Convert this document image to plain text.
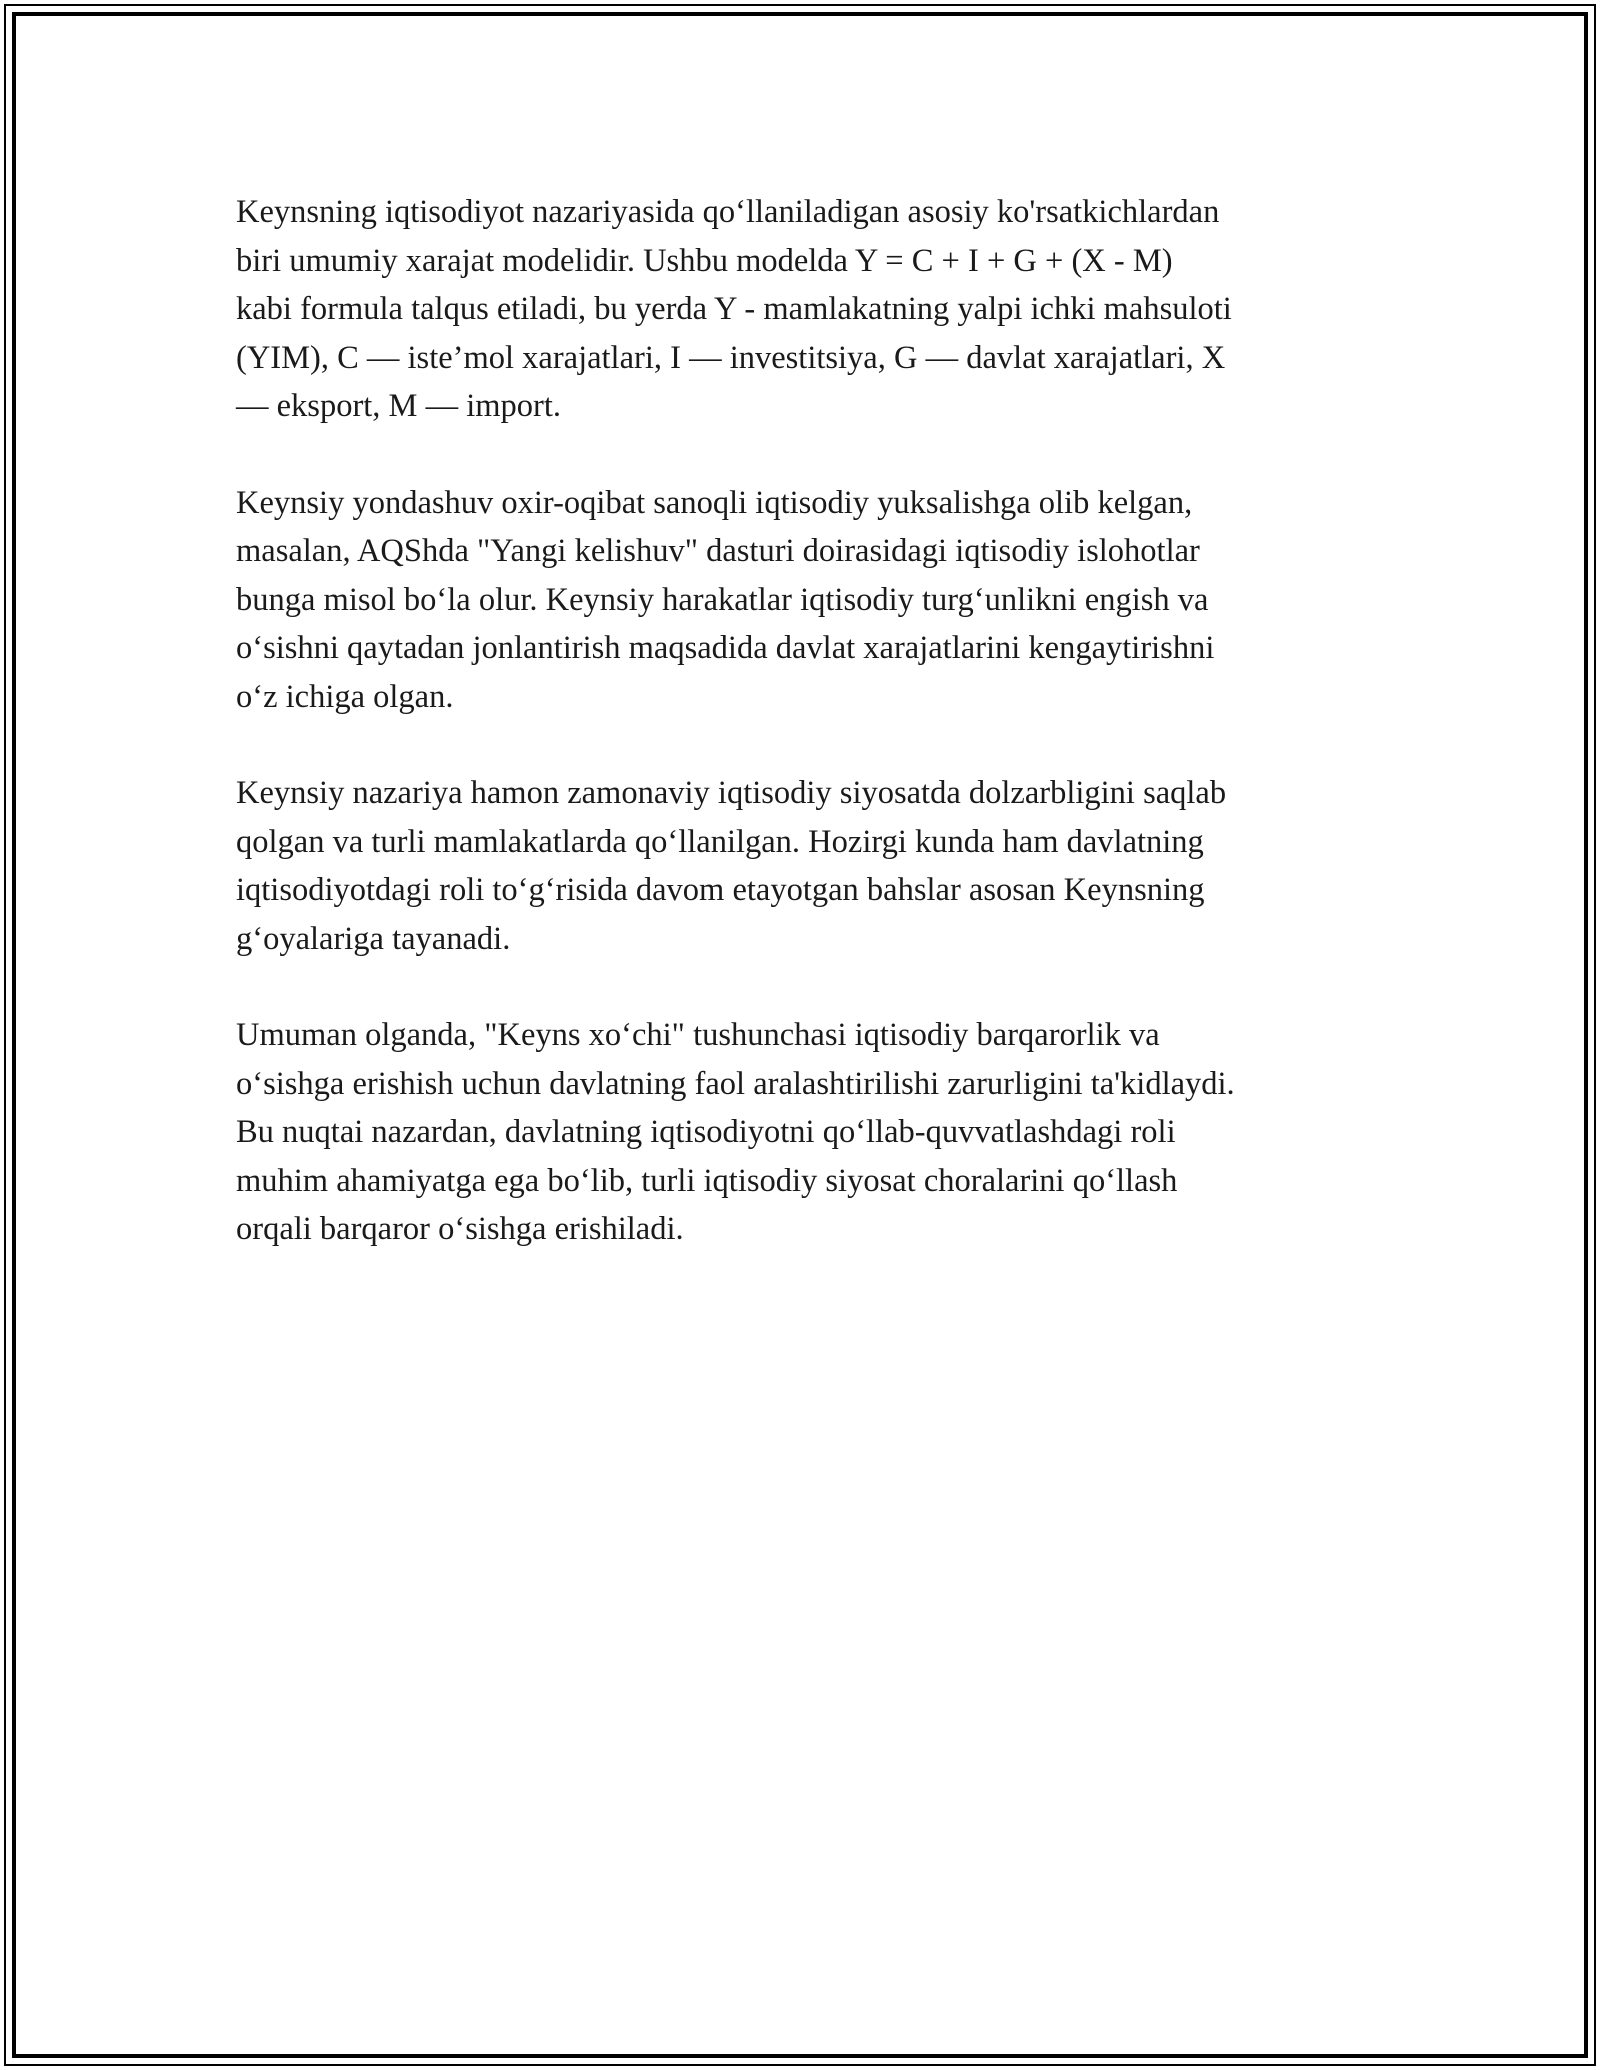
Keynsning iqtisodiyot nazariyasida qo‘llaniladigan asosiy ko'rsatkichlardan
biri umumiy xarajat modelidir. Ushbu modelda Y = C + I + G + (X - M)
kabi formula talqus etiladi, bu yerda Y - mamlakatning yalpi ichki mahsuloti
(YIM), C — iste’mol xarajatlari, I — investitsiya, G — davlat xarajatlari, X
— eksport, M — import.

Keynsiy yondashuv oxir-oqibat sanoqli iqtisodiy yuksalishga olib kelgan,
masalan, AQShda "Yangi kelishuv" dasturi doirasidagi iqtisodiy islohotlar
bunga misol bo‘la olur. Keynsiy harakatlar iqtisodiy turg‘unlikni engish va
o‘sishni qaytadan jonlantirish maqsadida davlat xarajatlarini kengaytirishni
o‘z ichiga olgan.

Keynsiy nazariya hamon zamonaviy iqtisodiy siyosatda dolzarbligini saqlab
qolgan va turli mamlakatlarda qo‘llanilgan. Hozirgi kunda ham davlatning
iqtisodiyotdagi roli to‘g‘risida davom etayotgan bahslar asosan Keynsning
g‘oyalariga tayanadi.

Umuman olganda, "Keyns xo‘chi" tushunchasi iqtisodiy barqarorlik va
o‘sishga erishish uchun davlatning faol aralashtirilishi zarurligini ta'kidlaydi.
Bu nuqtai nazardan, davlatning iqtisodiyotni qo‘llab-quvvatlashdagi roli
muhim ahamiyatga ega bo‘lib, turli iqtisodiy siyosat choralarini qo‘llash
orqali barqaror o‘sishga erishiladi.
